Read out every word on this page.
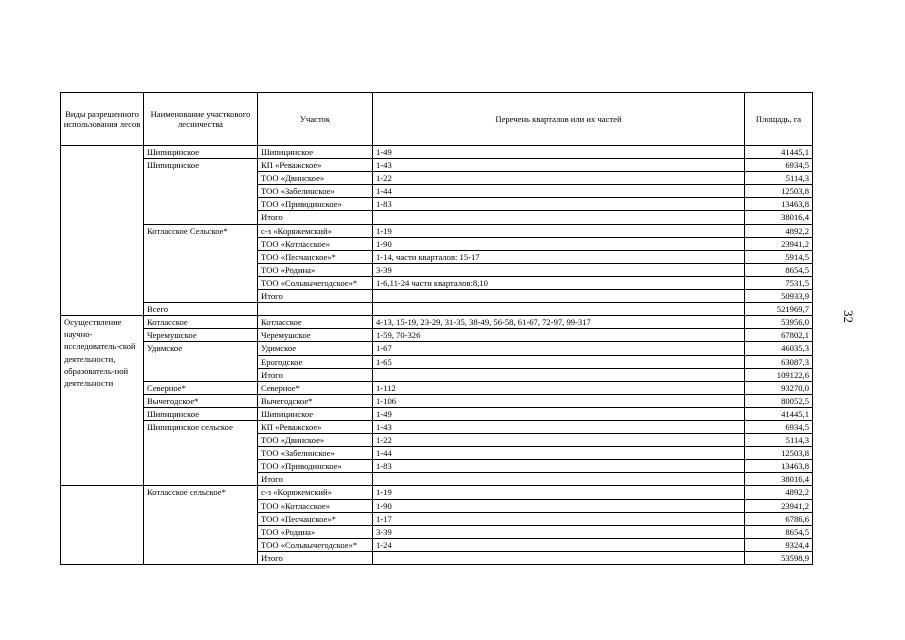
Виды разрешенного использования лесов	Наименование участкового лесничества	Участок	Перечень кварталов или их частей	Площадь, га
	Шипицинское	Шипицинское	1-49	41445,1
	Шипицинское	КП «Реважское»	1-43	6934,5
		ТОО «Двинское»	1-22	5114,3
		ТОО «Забелинское»	1-44	12503,8
		ТОО «Приводинское»	1-83	13463,8
		Итого		38016,4
	Котласское Сельское*	с-з «Коряжемский»	1-19	4892,2
		ТОО «Котласское»	1-90	23941,2
		ТОО «Песчанское»*	1-14, части кварталов: 15-17	5914,5
		ТОО «Родина»	3-39	8654,5
		ТОО «Сольвычегодское»*	1-6,11-24 части кварталов:8,10	7531,5
		Итого		50933,9
	Всего			521969,7
Осуществление научно-исследователь-ской деятельности, образователь-ной деятельности	Котласское	Котласское	4-13, 15-19, 23-29, 31-35, 38-49, 56-58, 61-67, 72-97, 99-317	53956,0
	Черемушское	Черемушское	1-59, 70-326	67802,1
	Удимское	Удимское	1-67	46035,3
		Ерогодское	1-65	63087,3
		Итого		109122,6
	Северное*	Северное*	1-112	93270,0
	Вычегодское*	Вычегодское*	1-106	80052,5
	Шипицинское	Шипицинское	1-49	41445,1
	Шипицинское сельское	КП «Реважское»	1-43	6934,5
		ТОО «Двинское»	1-22	5114,3
		ТОО «Забелинское»	1-44	12503,8
		ТОО «Приводинское»	1-83	13463,8
		Итого		38016,4
	Котласское сельское*	с-з «Коряжемский»	1-19	4892,2
		ТОО «Котласское»	1-90	23941,2
		ТОО «Песчанское»*	1-17	6786,6
		ТОО «Родина»	3-39	8654,5
		ТОО «Сольвычегодское»*	1-24	9324,4
		Итого		53598,9
32
